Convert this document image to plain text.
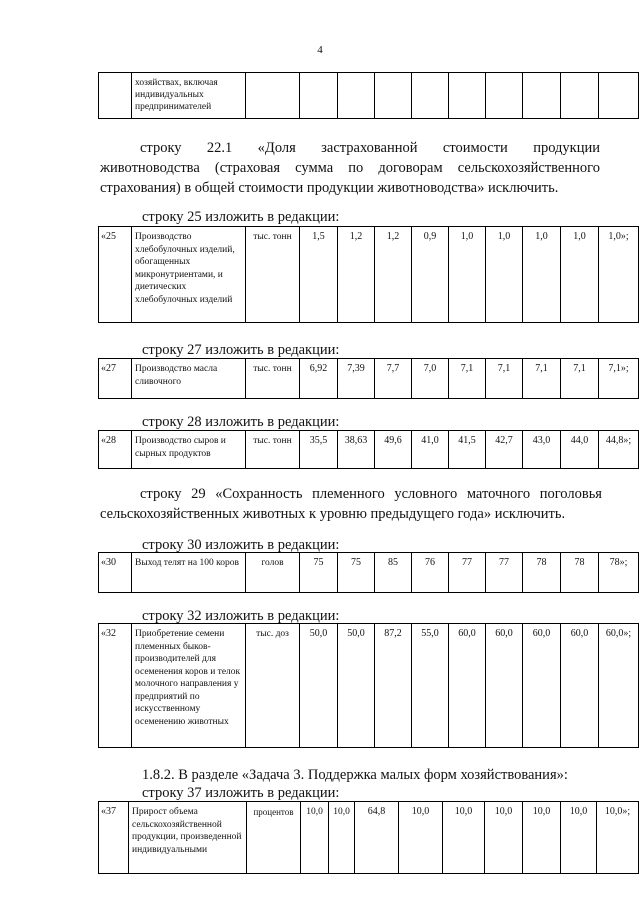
4
	хозяйствах, включая индивидуальных предпринимателей										
строку 22.1 «Доля застрахованной стоимости продукции
животноводства (страховая сумма по договорам сельскохозяйственного
страхования) в общей стоимости продукции животноводства» исключить.
строку 25 изложить в редакции:
«25	Производство хлебобулочных изделий, обогащенных микронутриентами, и диетических хлебобулочных изделий	тыс. тонн	1,5	1,2	1,2	0,9	1,0	1,0	1,0	1,0	1,0»;
строку 27 изложить в редакции:
«27	Производство масла сливочного	тыс. тонн	6,92	7,39	7,7	7,0	7,1	7,1	7,1	7,1	7,1»;
строку 28 изложить в редакции:
«28	Производство сыров и сырных продуктов	тыс. тонн	35,5	38,63	49,6	41,0	41,5	42,7	43,0	44,0	44,8»;
строку 29 «Сохранность племенного условного маточного поголовья
сельскохозяйственных животных к уровню предыдущего года» исключить.
строку 30 изложить в редакции:
«30	Выход телят на 100 коров	голов	75	75	85	76	77	77	78	78	78»;
строку 32 изложить в редакции:
«32	Приобретение семени племенных быков-производителей для осеменения коров и телок молочного направления у предприятий по искусственному осеменению животных	тыс. доз	50,0	50,0	87,2	55,0	60,0	60,0	60,0	60,0	60,0»;
1.8.2. В разделе «Задача 3. Поддержка малых форм хозяйствования»:
строку 37 изложить в редакции:
«37	Прирост объема сельскохозяйственной продукции, произведенной индивидуальными	процентов	10,0	10,0	64,8	10,0	10,0	10,0	10,0	10,0	10,0»;
